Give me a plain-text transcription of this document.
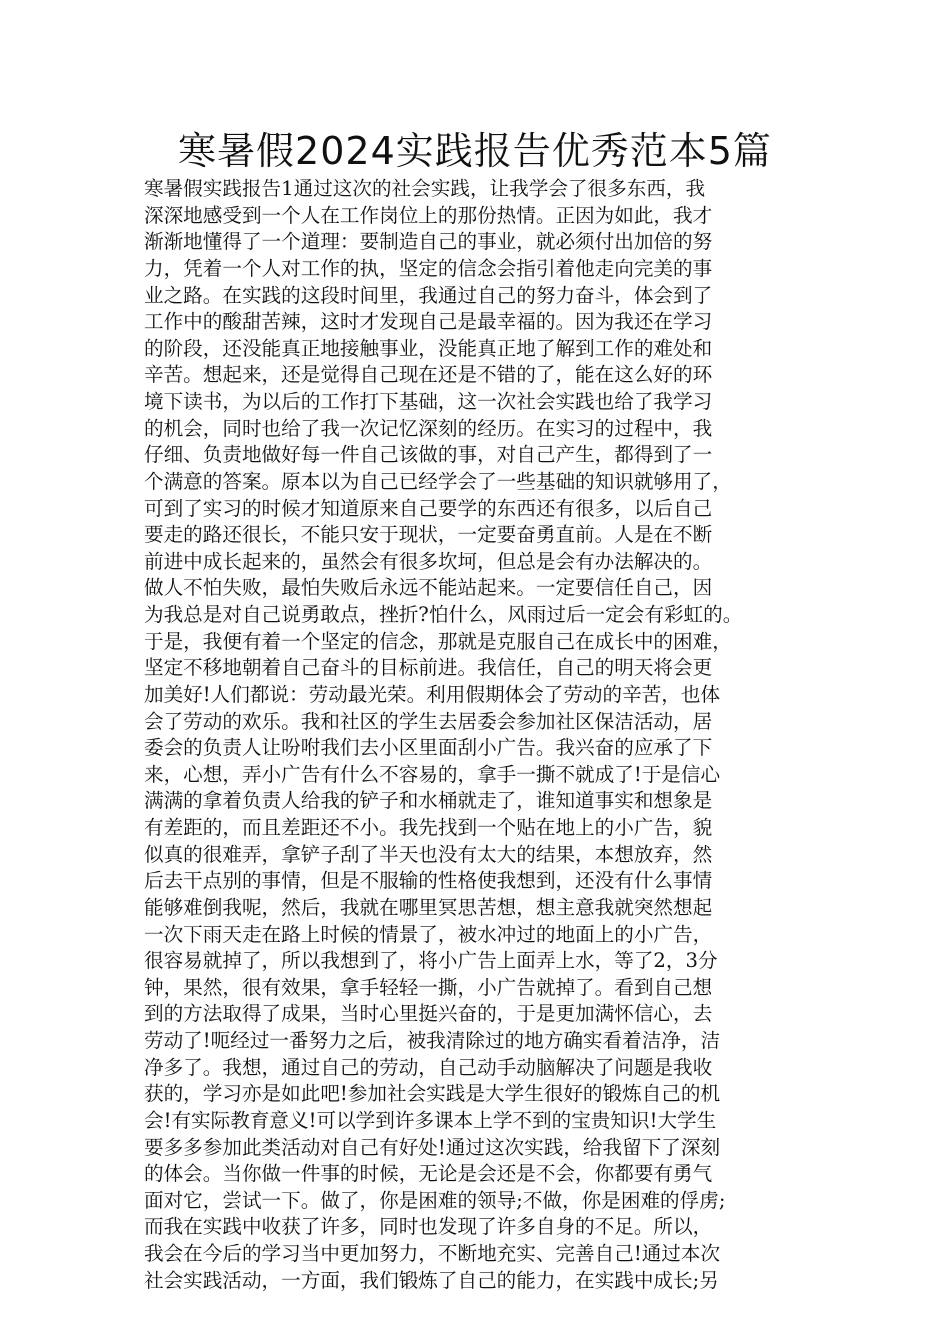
寒暑假2024实践报告优秀范本5篇
寒暑假实践报告1通过这次的社会实践，让我学会了很多东西，我
深深地感受到一个人在工作岗位上的那份热情。正因为如此，我才
渐渐地懂得了一个道理：要制造自己的事业，就必须付出加倍的努
力，凭着一个人对工作的执，坚定的信念会指引着他走向完美的事
业之路。在实践的这段时间里，我通过自己的努力奋斗，体会到了
工作中的酸甜苦辣，这时才发现自己是最幸福的。因为我还在学习
的阶段，还没能真正地接触事业，没能真正地了解到工作的难处和
辛苦。想起来，还是觉得自己现在还是不错的了，能在这么好的环
境下读书，为以后的工作打下基础，这一次社会实践也给了我学习
的机会，同时也给了我一次记忆深刻的经历。在实习的过程中，我
仔细、负责地做好每一件自己该做的事，对自己产生，都得到了一
个满意的答案。原本以为自己已经学会了一些基础的知识就够用了，
可到了实习的时候才知道原来自己要学的东西还有很多，以后自己
要走的路还很长，不能只安于现状，一定要奋勇直前。人是在不断
前进中成长起来的，虽然会有很多坎坷，但总是会有办法解决的。
做人不怕失败，最怕失败后永远不能站起来。一定要信任自己，因
为我总是对自己说勇敢点，挫折?怕什么，风雨过后一定会有彩虹的。
于是，我便有着一个坚定的信念，那就是克服自己在成长中的困难，
坚定不移地朝着自己奋斗的目标前进。我信任，自己的明天将会更
加美好!人们都说：劳动最光荣。利用假期体会了劳动的辛苦，也体
会了劳动的欢乐。我和社区的学生去居委会参加社区保洁活动，居
委会的负责人让吩咐我们去小区里面刮小广告。我兴奋的应承了下
来，心想，弄小广告有什么不容易的，拿手一撕不就成了!于是信心
满满的拿着负责人给我的铲子和水桶就走了，谁知道事实和想象是
有差距的，而且差距还不小。我先找到一个贴在地上的小广告，貌
似真的很难弄，拿铲子刮了半天也没有太大的结果，本想放弃，然
后去干点别的事情，但是不服输的性格使我想到，还没有什么事情
能够难倒我呢，然后，我就在哪里冥思苦想，想主意我就突然想起
一次下雨天走在路上时候的情景了，被水冲过的地面上的小广告，
很容易就掉了，所以我想到了，将小广告上面弄上水，等了2，3分
钟，果然，很有效果，拿手轻轻一撕，小广告就掉了。看到自己想
到的方法取得了成果，当时心里挺兴奋的，于是更加满怀信心，去
劳动了!呃经过一番努力之后，被我清除过的地方确实看着洁净，洁
净多了。我想，通过自己的劳动，自己动手动脑解决了问题是我收
获的，学习亦是如此吧!参加社会实践是大学生很好的锻炼自己的机
会!有实际教育意义!可以学到许多课本上学不到的宝贵知识!大学生
要多多参加此类活动对自己有好处!通过这次实践，给我留下了深刻
的体会。当你做一件事的时候，无论是会还是不会，你都要有勇气
面对它，尝试一下。做了，你是困难的领导;不做，你是困难的俘虏;
而我在实践中收获了许多，同时也发现了许多自身的不足。所以，
我会在今后的学习当中更加努力，不断地充实、完善自己!通过本次
社会实践活动，一方面，我们锻炼了自己的能力，在实践中成长;另
